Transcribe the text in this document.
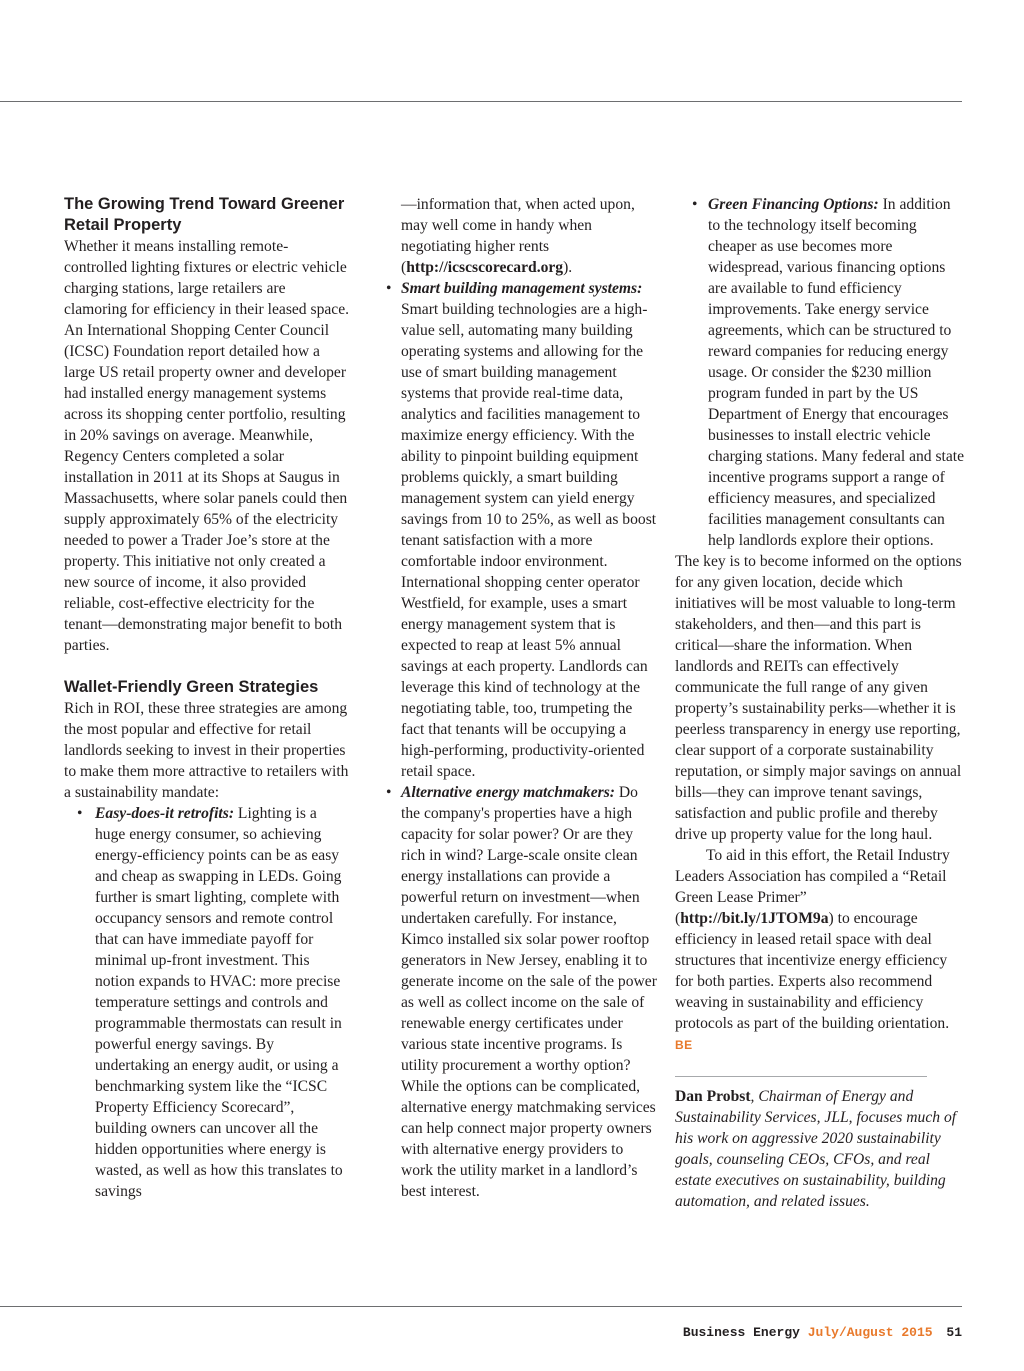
The Growing Trend Toward Greener Retail Property

Whether it means installing remote-controlled lighting fixtures or electric vehicle charging stations, large retailers are clamoring for efficiency in their leased space. An International Shopping Center Council (ICSC) Foundation report detailed how a large US retail property owner and developer had installed energy management systems across its shopping center portfolio, resulting in 20% savings on average. Meanwhile, Regency Centers completed a solar installation in 2011 at its Shops at Saugus in Massachusetts, where solar panels could then supply approximately 65% of the electricity needed to power a Trader Joe’s store at the property. This initiative not only created a new source of income, it also provided reliable, cost-effective electricity for the tenant—demonstrating major benefit to both parties.

Wallet-Friendly Green Strategies

Rich in ROI, these three strategies are among the most popular and effective for retail landlords seeking to invest in their properties to make them more attractive to retailers with a sustainability mandate:

• Easy-does-it retrofits: Lighting is a huge energy consumer, so achieving energy-efficiency points can be as easy and cheap as swapping in LEDs. Going further is smart lighting, complete with occupancy sensors and remote control that can have immediate payoff for minimal up-front investment. This notion expands to HVAC: more precise temperature settings and controls and programmable thermostats can result in powerful energy savings. By undertaking an energy audit, or using a benchmarking system like the “ICSC Property Efficiency Scorecard”, building owners can uncover all the hidden opportunities where energy is wasted, as well as how this translates to savings
—information that, when acted upon, may well come in handy when negotiating higher rents (http://icscscorecard.org).
• Smart building management systems: Smart building technologies are a high-value sell, automating many building operating systems and allowing for the use of smart building management systems that provide real-time data, analytics and facilities management to maximize energy efficiency. With the ability to pinpoint building equipment problems quickly, a smart building management system can yield energy savings from 10 to 25%, as well as boost tenant satisfaction with a more comfortable indoor environment. International shopping center operator Westfield, for example, uses a smart energy management system that is expected to reap at least 5% annual savings at each property. Landlords can leverage this kind of technology at the negotiating table, too, trumpeting the fact that tenants will be occupying a high-performing, productivity-oriented retail space.
• Alternative energy matchmakers: Do the company's properties have a high capacity for solar power? Or are they rich in wind? Large-scale onsite clean energy installations can provide a powerful return on investment—when undertaken carefully. For instance, Kimco installed six solar power rooftop generators in New Jersey, enabling it to generate income on the sale of the power as well as collect income on the sale of renewable energy certificates under various state incentive programs. Is utility procurement a worthy option? While the options can be complicated, alternative energy matchmaking services can help connect major property owners with alternative energy providers to work the utility market in a landlord’s best interest.
• Green Financing Options: In addition to the technology itself becoming cheaper as use becomes more widespread, various financing options are available to fund efficiency improvements. Take energy service agreements, which can be structured to reward companies for reducing energy usage. Or consider the $230 million program funded in part by the US Department of Energy that encourages businesses to install electric vehicle charging stations. Many federal and state incentive programs support a range of efficiency measures, and specialized facilities management consultants can help landlords explore their options.

The key is to become informed on the options for any given location, decide which initiatives will be most valuable to long-term stakeholders, and then—and this part is critical—share the information. When landlords and REITs can effectively communicate the full range of any given property’s sustainability perks—whether it is peerless transparency in energy use reporting, clear support of a corporate sustainability reputation, or simply major savings on annual bills—they can improve tenant savings, satisfaction and public profile and thereby drive up property value for the long haul.

To aid in this effort, the Retail Industry Leaders Association has compiled a “Retail Green Lease Primer” (http://bit.ly/1JTOM9a) to encourage efficiency in leased retail space with deal structures that incentivize energy efficiency for both parties. Experts also recommend weaving in sustainability and efficiency protocols as part of the building orientation. BE

Dan Probst, Chairman of Energy and Sustainability Services, JLL, focuses much of his work on aggressive 2020 sustainability goals, counseling CEOs, CFOs, and real estate executives on sustainability, building automation, and related issues.

Business Energy July/August 2015 51
